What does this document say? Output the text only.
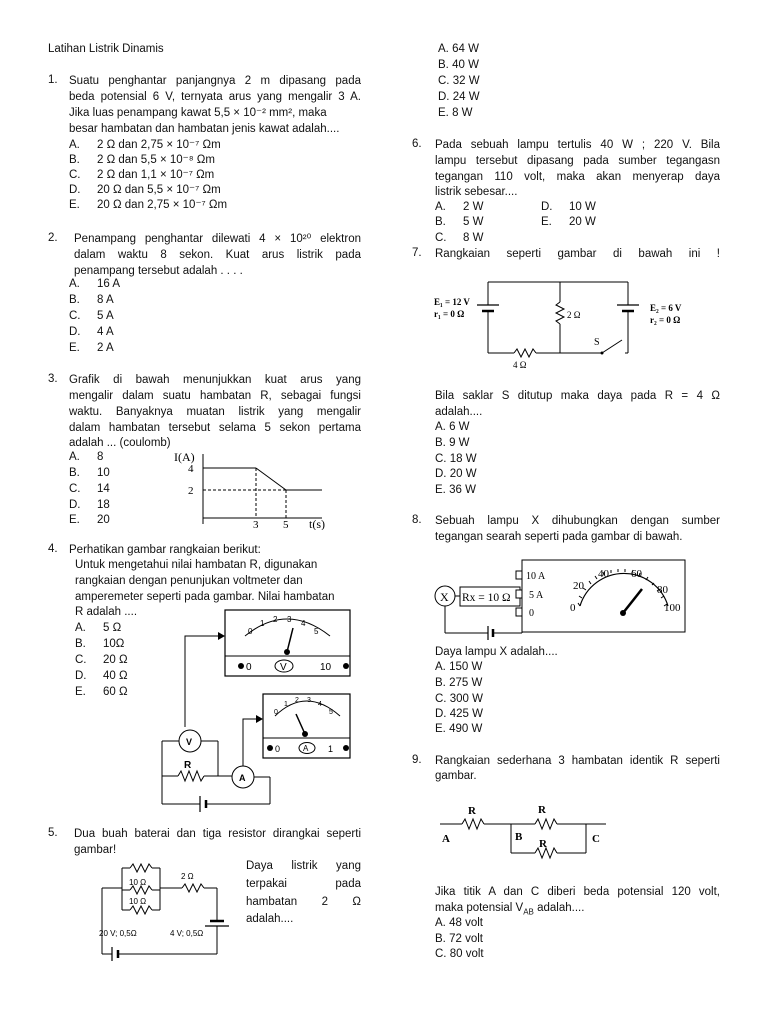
Latihan Listrik Dinamis
1. Suatu penghantar panjangnya 2 m dipasang pada
beda potensial 6 V, ternyata arus yang mengalir 3 A.
Jika luas penampang kawat 5,5 × 10⁻² mm², maka
besar hambatan dan hambatan jenis kawat adalah....
A. 2 Ω dan 2,75 × 10⁻⁷ Ωm
B. 2 Ω dan 5,5 × 10⁻⁸ Ωm
C. 2 Ω dan 1,1 × 10⁻⁷ Ωm
D. 20 Ω dan 5,5 × 10⁻⁷ Ωm
E. 20 Ω dan 2,75 × 10⁻⁷ Ωm
2. Penampang penghantar dilewati 4 × 10²⁰ elektron
dalam waktu 8 sekon. Kuat arus listrik pada
penampang tersebut adalah . . . .
A. 16 A
B. 8 A
C. 5 A
D. 4 A
E. 2 A
3. Grafik di bawah menunjukkan kuat arus yang
mengalir dalam suatu hambatan R, sebagai fungsi
waktu. Banyaknya muatan listrik yang mengalir
dalam hambatan tersebut selama 5 sekon pertama
adalah ... (coulomb)
A. 8
B. 10
C. 14
D. 18
E. 20
I(A)
4
2
3 5 t(s)
4. Perhatikan gambar rangkaian berikut:
Untuk mengetahui nilai hambatan R, digunakan
rangkaian dengan penunjukan voltmeter dan
amperemeter seperti pada gambar. Nilai hambatan
R adalah ....
A. 5 Ω
B. 10Ω
C. 20 Ω
D. 40 Ω
E. 60 Ω
0
1 2 3 4
5
0	V	10
0
1
2 3
4
5
0	A 1
V
R
A
5. Dua buah baterai dan tiga resistor dirangkai seperti
gambar!
Daya listrik yang
terpakai pada
hambatan 2 Ω
adalah....
10 Ω
10 Ω
2 Ω
4 V; 0,5Ω
20 V; 0,5Ω
A. 64 W
B. 40 W
C. 32 W
D. 24 W
E. 8 W
6. Pada sebuah lampu tertulis 40 W ; 220 V. Bila
lampu tersebut dipasang pada sumber tegangasn
tegangan 110 volt, maka akan menyerap daya
listrik sebesar....
A. 2 W	D. 10 W
B. 5 W	E. 20 W
C. 8 W
7. Rangkaian seperti gambar di bawah ini !
E₁ = 12 V
r₁ = 0 Ω
4 Ω
2 Ω
S
E₂ = 6 V
r₂ = 0 Ω
Bila saklar S ditutup maka daya pada R = 4 Ω
adalah....
A. 6 W
B. 9 W
C. 18 W
D. 20 W
E. 36 W
8. Sebuah lampu X dihubungkan dengan sumber
tegangan searah seperti pada gambar di bawah.
X Rx = 10 Ω
10 A
5 A
0	0
20
40 60
80
100
Daya lampu X adalah....
A. 150 W
B. 275 W
C. 300 W
D. 425 W
E. 490 W
9. Rangkaian sederhana 3 hambatan identik R seperti
gambar.
R
A
R
B
R	C
Jika titik A dan C diberi beda potensial 120 volt,
maka potensial $V_{AB}$ adalah....
A. 48 volt
B. 72 volt
C. 80 volt
